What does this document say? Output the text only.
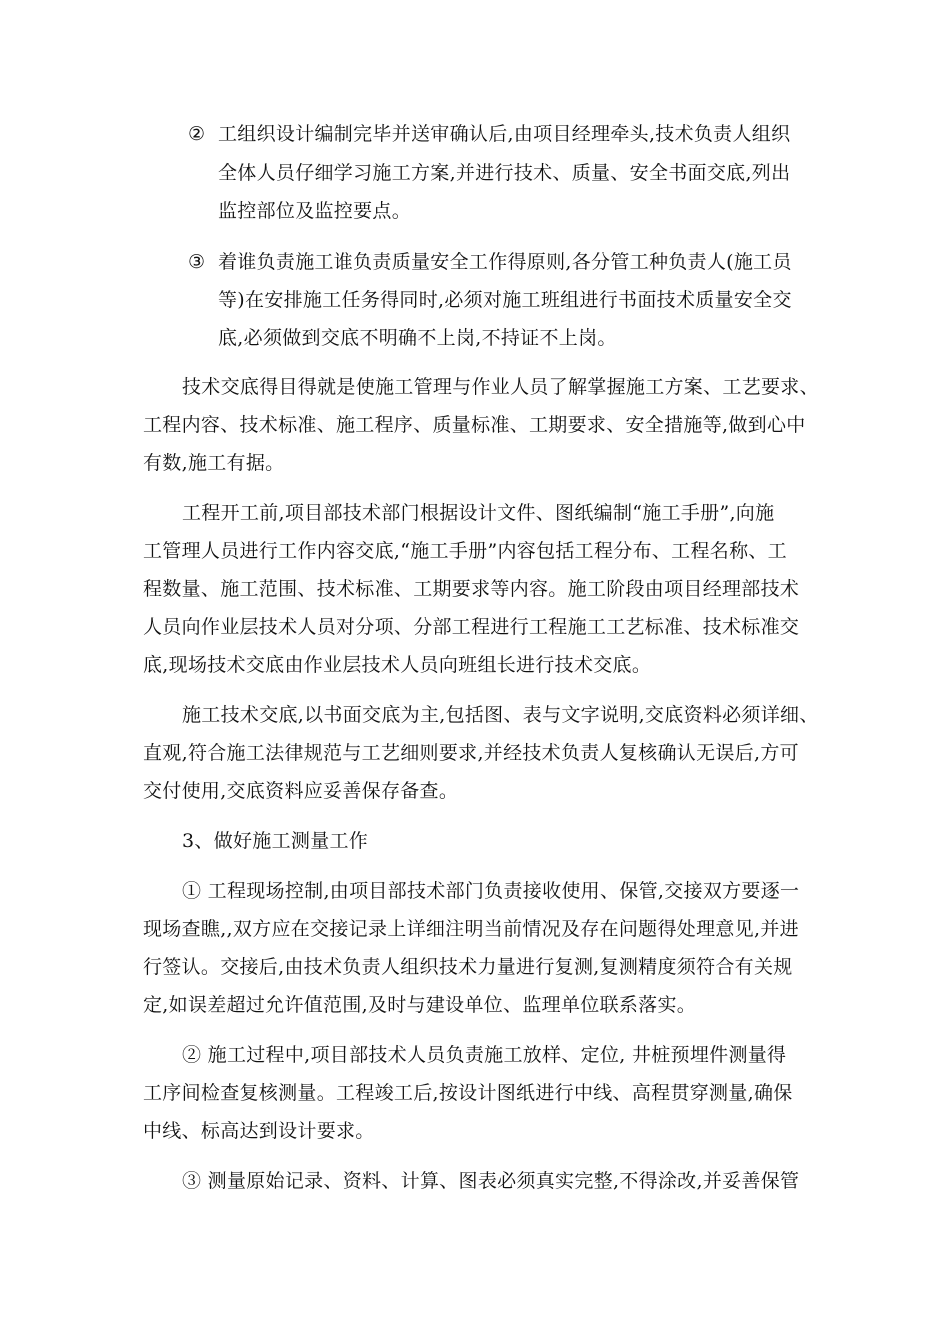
② 工组织设计编制完毕并送审确认后,由项目经理牵头,技术负责人组织
全体人员仔细学习施工方案,并进行技术、质量、安全书面交底,列出
监控部位及监控要点。
③ 着谁负责施工谁负责质量安全工作得原则,各分管工种负责人(施工员
等)在安排施工任务得同时,必须对施工班组进行书面技术质量安全交
底,必须做到交底不明确不上岗,不持证不上岗。
技术交底得目得就是使施工管理与作业人员了解掌握施工方案、工艺要求、
工程内容、技术标准、施工程序、质量标准、工期要求、安全措施等,做到心中
有数,施工有据。
工程开工前,项目部技术部门根据设计文件、图纸编制“施工手册”,向施
工管理人员进行工作内容交底,“施工手册”内容包括工程分布、工程名称、工
程数量、施工范围、技术标准、工期要求等内容。施工阶段由项目经理部技术
人员向作业层技术人员对分项、分部工程进行工程施工工艺标准、技术标准交
底,现场技术交底由作业层技术人员向班组长进行技术交底。
施工技术交底,以书面交底为主,包括图、表与文字说明,交底资料必须详细、
直观,符合施工法律规范与工艺细则要求,并经技术负责人复核确认无误后,方可
交付使用,交底资料应妥善保存备查。
3、做好施工测量工作
① 工程现场控制,由项目部技术部门负责接收使用、保管,交接双方要逐一
现场查瞧,,双方应在交接记录上详细注明当前情况及存在问题得处理意见,并进
行签认。交接后,由技术负责人组织技术力量进行复测,复测精度须符合有关规
定,如误差超过允许值范围,及时与建设单位、监理单位联系落实。
② 施工过程中,项目部技术人员负责施工放样、定位, 井桩预埋件测量得
工序间检查复核测量。工程竣工后,按设计图纸进行中线、高程贯穿测量,确保
中线、标高达到设计要求。
③ 测量原始记录、资料、计算、图表必须真实完整,不得涂改,并妥善保管
